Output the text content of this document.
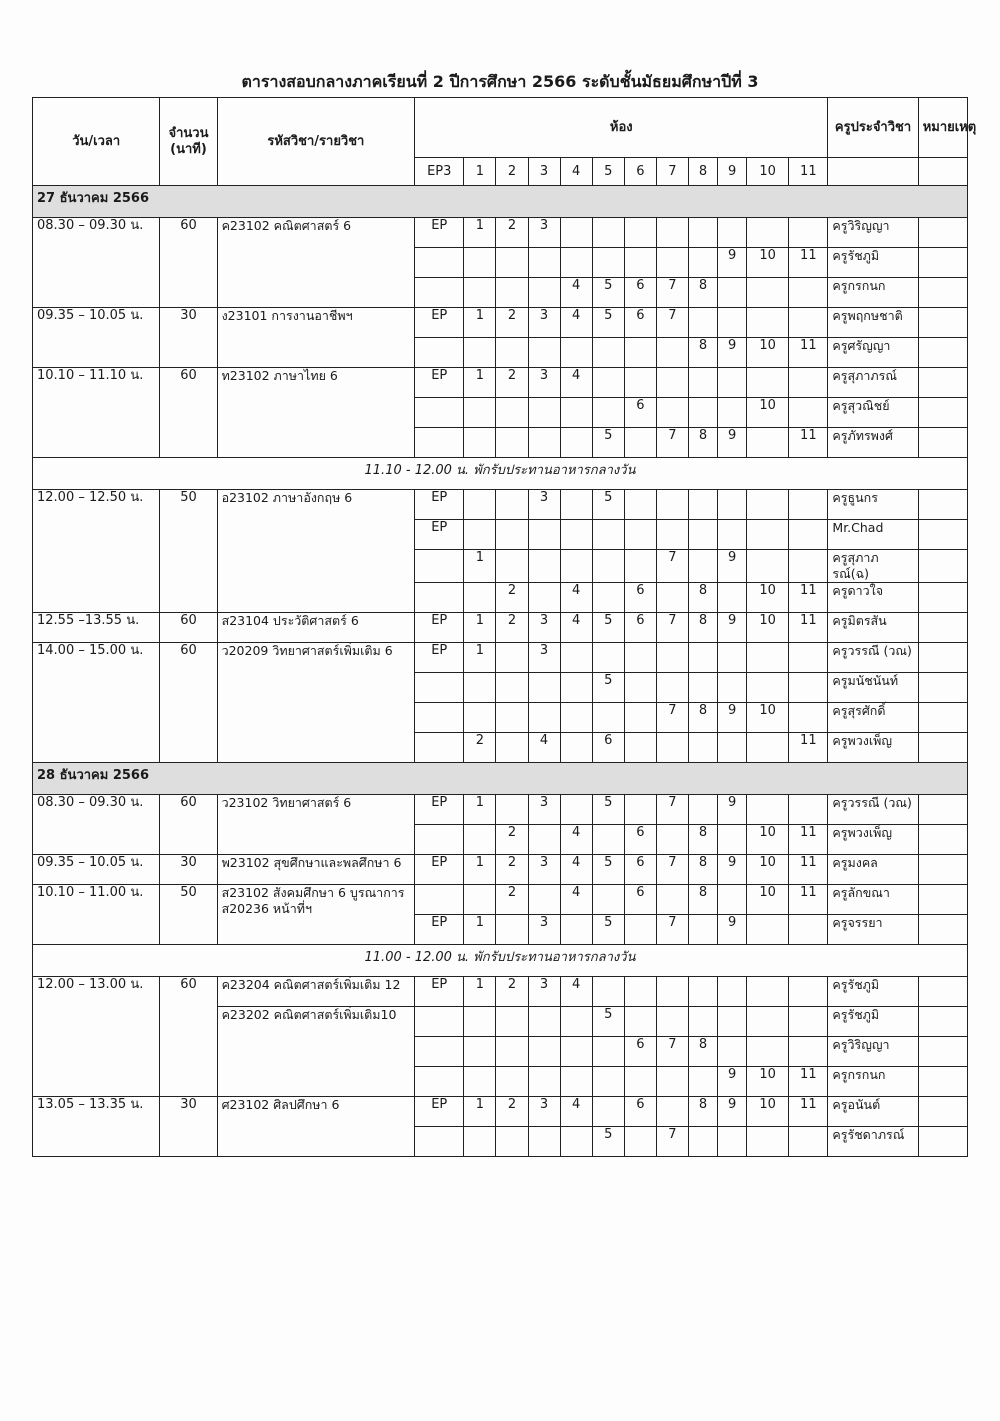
ตารางสอบกลางภาคเรียนที่ 2 ปีการศึกษา 2566 ระดับชั้นมัธยมศึกษาปีที่ 3
วัน/เวลา	จำนวน (นาที)	รหัสวิชา/รายวิชา	ห้อง												ครูประจำวิชา	หมายเหตุ
			EP3	1	2	3	4	5	6	7	8	9	10	11		
27 ธันวาคม 2566																
08.30 – 09.30 น.	60	ค23102 คณิตศาสตร์ 6	EP	1	2	3									ครูวิริญญา	
												9	10	11	ครูรัชภูมิ	
							4	5	6	7	8				ครูกรกนก	
09.35 – 10.05 น.	30	ง23101 การงานอาชีพฯ	EP	1	2	3	4	5	6	7					ครูพฤกษชาติ	
											8	9	10	11	ครูศรัญญา	
10.10 – 11.10 น.	60	ท23102 ภาษาไทย 6	EP	1	2	3	4								ครูสุภาภรณ์	
									6				10		ครูสุวณิชย์	
								5		7	8	9		11	ครูภัทรพงศ์	
11.10 - 12.00 น. พักรับประทานอาหารกลางวัน																
12.00 – 12.50 น.	50	อ23102 ภาษาอังกฤษ 6	EP			3		5							ครูธูนกร	
			EP												Mr.Chad	
				1						7		9			ครูสุภาภรณ์(ฉ)	
					2		4		6		8		10	11	ครูดาวใจ	
12.55 –13.55 น.	60	ส23104 ประวัติศาสตร์ 6	EP	1	2	3	4	5	6	7	8	9	10	11	ครูมิตรสัน	
14.00 – 15.00 น.	60	ว20209 วิทยาศาสตร์เพิ่มเติม 6	EP	1		3									ครูวรรณี (วณ)	
								5							ครูมนัชนันท์	
										7	8	9	10		ครูสุรศักดิ์	
				2		4		6						11	ครูพวงเพ็ญ	
28 ธันวาคม 2566																
08.30 – 09.30 น.	60	ว23102 วิทยาศาสตร์ 6	EP	1		3		5		7		9			ครูวรรณี (วณ)	
					2		4		6		8		10	11	ครูพวงเพ็ญ	
09.35 – 10.05 น.	30	พ23102 สุขศึกษาและพลศึกษา 6	EP	1	2	3	4	5	6	7	8	9	10	11	ครูมงคล	
10.10 – 11.00 น.	50	ส23102 สังคมศึกษา 6 บูรณาการ ส20236 หน้าที่ฯ			2		4		6		8		10	11	ครูลักขณา	
			EP	1		3		5		7		9			ครูจรรยา	
11.00 - 12.00 น. พักรับประทานอาหารกลางวัน																
12.00 – 13.00 น.	60	ค23204 คณิตศาสตร์เพิ่มเติม 12	EP	1	2	3	4								ครูรัชภูมิ	
		ค23202 คณิตศาสตร์เพิ่มเติม10						5							ครูรัชภูมิ	
									6	7	8				ครูวิริญญา	
												9	10	11	ครูกรกนก	
13.05 – 13.35 น.	30	ศ23102 ศิลปศึกษา 6	EP	1	2	3	4		6		8	9	10	11	ครูอนันต์	
								5		7					ครูรัชดาภรณ์	
